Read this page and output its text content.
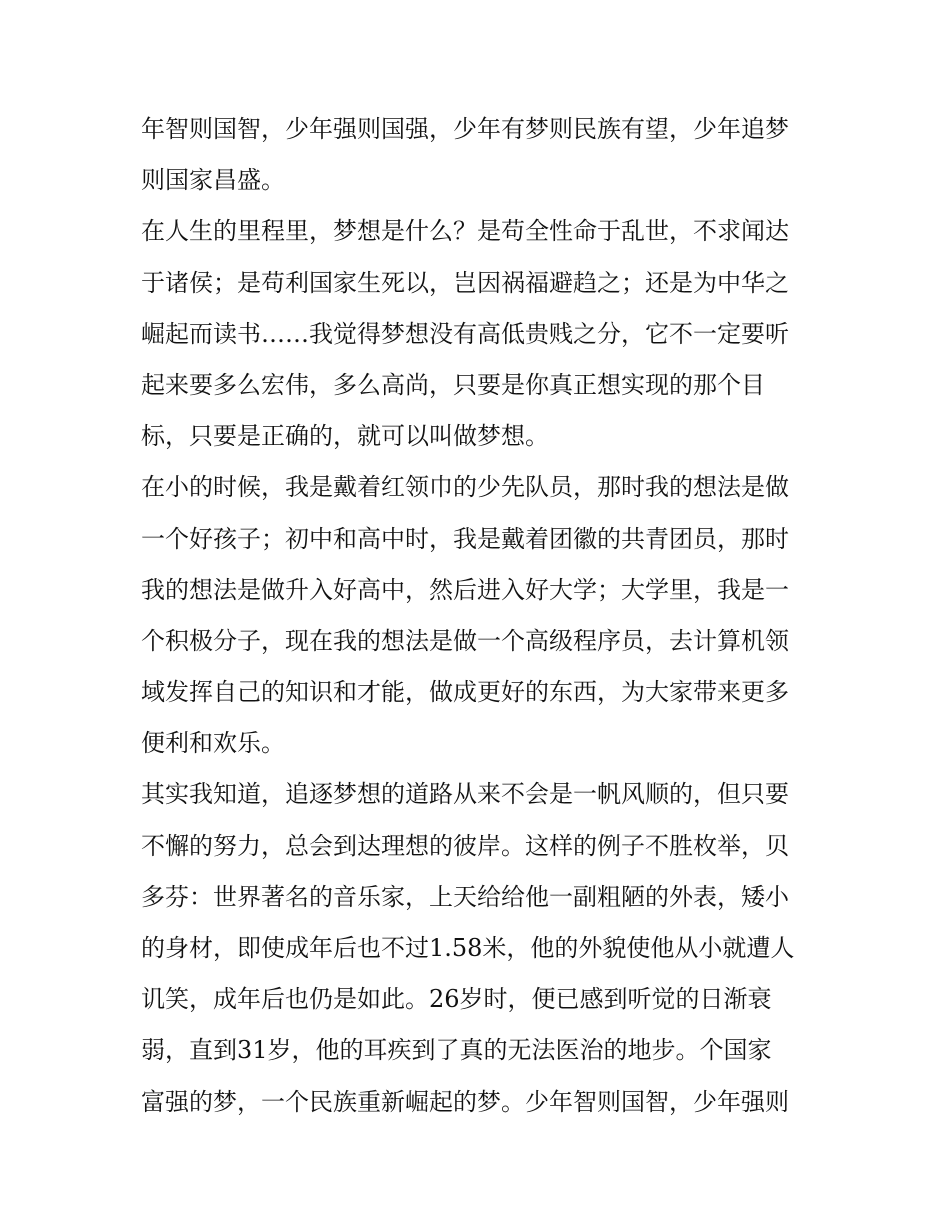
年智则国智，少年强则国强，少年有梦则民族有望，少年追梦
则国家昌盛。
在人生的里程里，梦想是什么？是苟全性命于乱世，不求闻达
于诸侯；是苟利国家生死以，岂因祸福避趋之；还是为中华之
崛起而读书……我觉得梦想没有高低贵贱之分，它不一定要听
起来要多么宏伟，多么高尚，只要是你真正想实现的那个目
标，只要是正确的，就可以叫做梦想。
在小的时候，我是戴着红领巾的少先队员，那时我的想法是做
一个好孩子；初中和高中时，我是戴着团徽的共青团员，那时
我的想法是做升入好高中，然后进入好大学；大学里，我是一
个积极分子，现在我的想法是做一个高级程序员，去计算机领
域发挥自己的知识和才能，做成更好的东西，为大家带来更多
便利和欢乐。
其实我知道，追逐梦想的道路从来不会是一帆风顺的，但只要
不懈的努力，总会到达理想的彼岸。这样的例子不胜枚举，贝
多芬：世界著名的音乐家，上天给给他一副粗陋的外表，矮小
的身材，即使成年后也不过1.58米，他的外貌使他从小就遭人
讥笑，成年后也仍是如此。26岁时，便已感到听觉的日渐衰
弱，直到31岁，他的耳疾到了真的无法医治的地步。个国家
富强的梦，一个民族重新崛起的梦。少年智则国智，少年强则
